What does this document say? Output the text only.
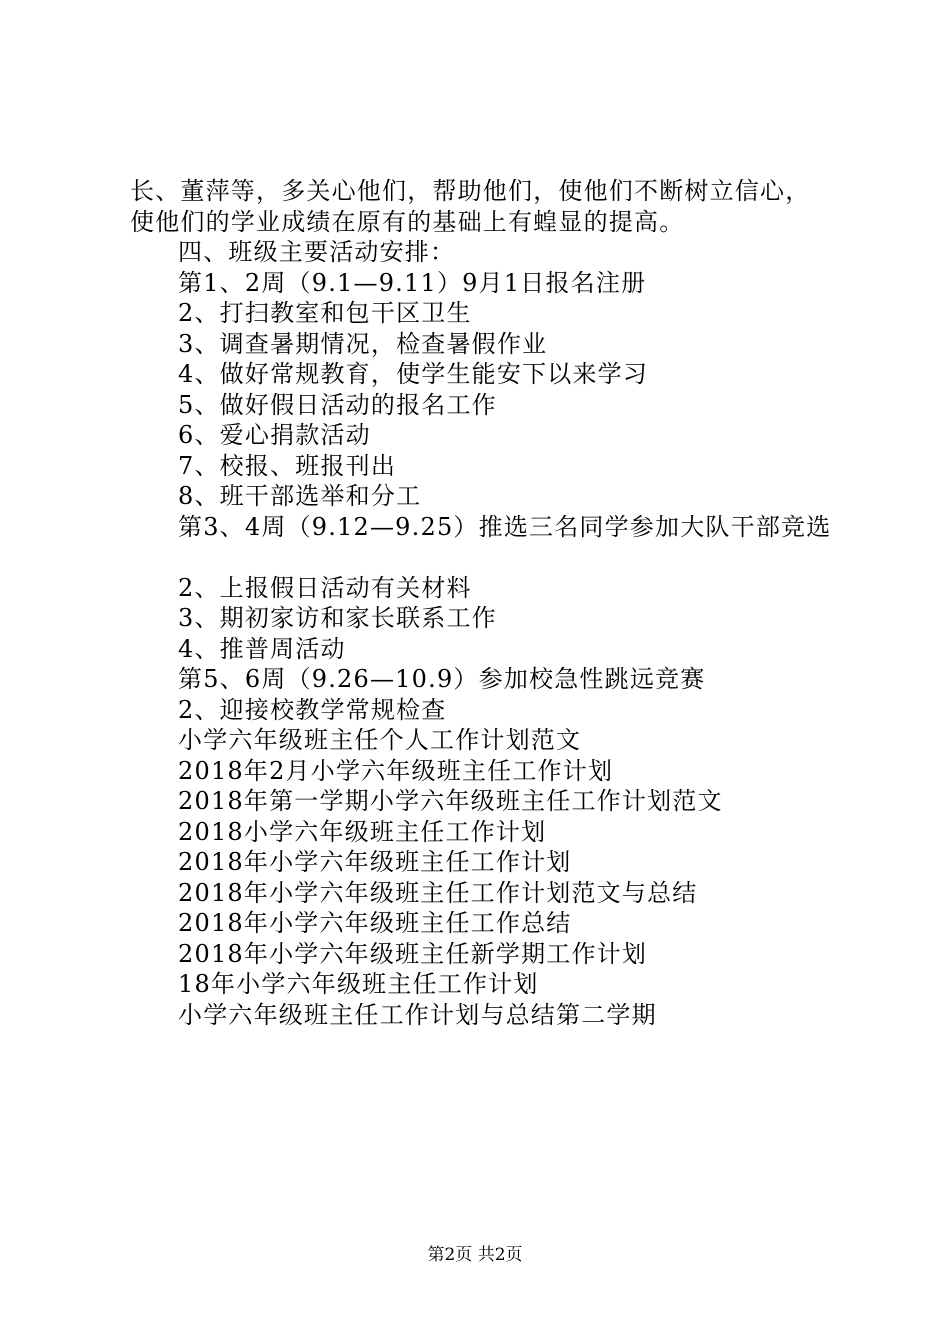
长、董萍等，多关心他们，帮助他们，使他们不断树立信心，
使他们的学业成绩在原有的基础上有蝗显的提高。
四、班级主要活动安排：
第1、2周（9.1—9.11）9月1日报名注册
2、打扫教室和包干区卫生
3、调查暑期情况，检查暑假作业
4、做好常规教育，使学生能安下以来学习
5、做好假日活动的报名工作
6、爱心捐款活动
7、校报、班报刊出
8、班干部选举和分工
第3、4周（9.12—9.25）推选三名同学参加大队干部竞选
2、上报假日活动有关材料
3、期初家访和家长联系工作
4、推普周活动
第5、6周（9.26—10.9）参加校急性跳远竞赛
2、迎接校教学常规检查
小学六年级班主任个人工作计划范文
2018年2月小学六年级班主任工作计划
2018年第一学期小学六年级班主任工作计划范文
2018小学六年级班主任工作计划
2018年小学六年级班主任工作计划
2018年小学六年级班主任工作计划范文与总结
2018年小学六年级班主任工作总结
2018年小学六年级班主任新学期工作计划
18年小学六年级班主任工作计划
小学六年级班主任工作计划与总结第二学期
第2页 共2页
